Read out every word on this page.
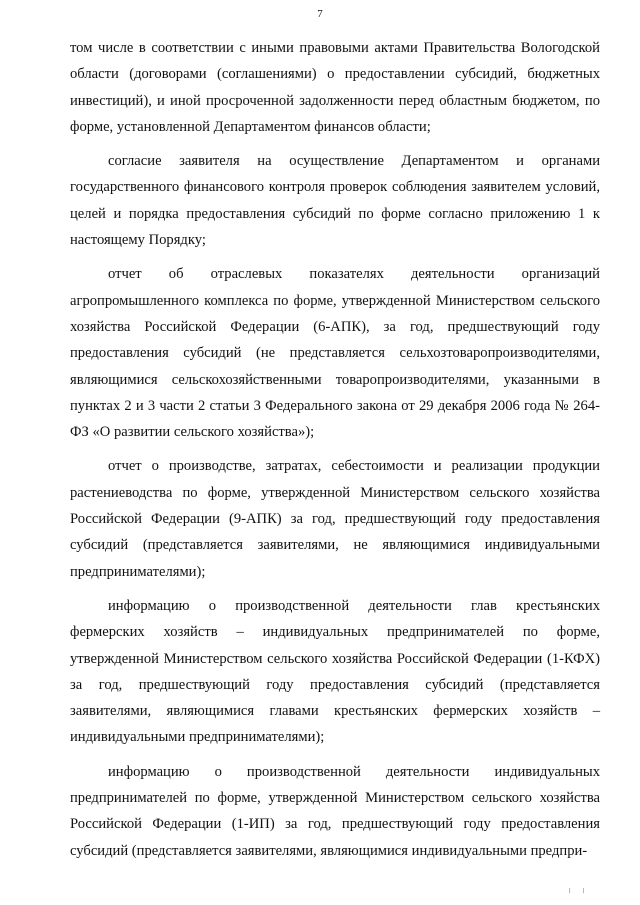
7

том числе в соответствии с иными правовыми актами Правительства Вологодской области (договорами (соглашениями) о предоставлении субсидий, бюджетных инвестиций), и иной просроченной задолженности перед областным бюджетом, по форме, установленной Департаментом финансов области;

согласие заявителя на осуществление Департаментом и органами государственного финансового контроля проверок соблюдения заявителем условий, целей и порядка предоставления субсидий по форме согласно приложению 1 к настоящему Порядку;

отчет об отраслевых показателях деятельности организаций агропромышленного комплекса по форме, утвержденной Министерством сельского хозяйства Российской Федерации (6-АПК), за год, предшествующий году предоставления субсидий (не представляется сельхозтоваропроизводителями, являющимися сельскохозяйственными товаропроизводителями, указанными в пунктах 2 и 3 части 2 статьи 3 Федерального закона от 29 декабря 2006 года № 264-ФЗ «О развитии сельского хозяйства»);

отчет о производстве, затратах, себестоимости и реализации продукции растениеводства по форме, утвержденной Министерством сельского хозяйства Российской Федерации (9-АПК) за год, предшествующий году предоставления субсидий (представляется заявителями, не являющимися индивидуальными предпринимателями);

информацию о производственной деятельности глав крестьянских фермерских хозяйств – индивидуальных предпринимателей по форме, утвержденной Министерством сельского хозяйства Российской Федерации (1-КФХ) за год, предшествующий году предоставления субсидий (представляется заявителями, являющимися главами крестьянских фермерских хозяйств – индивидуальными предпринимателями);

информацию о производственной деятельности индивидуальных предпринимателей по форме, утвержденной Министерством сельского хозяйства Российской Федерации (1-ИП) за год, предшествующий году предоставления субсидий (представляется заявителями, являющимися индивидуальными предпри-

╷ ╷
